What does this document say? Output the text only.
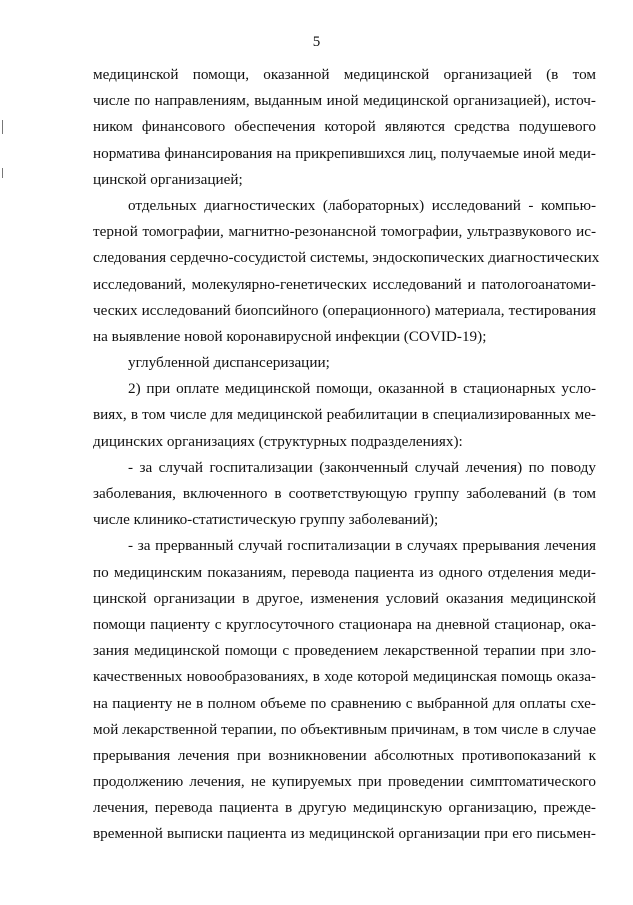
5
медицинской помощи, оказанной медицинской организацией (в том
числе по направлениям, выданным иной медицинской организацией), источ-
ником финансового обеспечения которой являются средства подушевого
норматива финансирования на прикрепившихся лиц, получаемые иной меди-
цинской организацией;
отдельных диагностических (лабораторных) исследований - компью-
терной томографии, магнитно-резонансной томографии, ультразвукового ис-
следования сердечно-сосудистой системы, эндоскопических диагностических
исследований, молекулярно-генетических исследований и патологоанатоми-
ческих исследований биопсийного (операционного) материала, тестирования
на выявление новой коронавирусной инфекции (COVID-19);
углубленной диспансеризации;
2) при оплате медицинской помощи, оказанной в стационарных усло-
виях, в том числе для медицинской реабилитации в специализированных ме-
дицинских организациях (структурных подразделениях):
- за случай госпитализации (законченный случай лечения) по поводу
заболевания, включенного в соответствующую группу заболеваний (в том
числе клинико-статистическую группу заболеваний);
- за прерванный случай госпитализации в случаях прерывания лечения
по медицинским показаниям, перевода пациента из одного отделения меди-
цинской организации в другое, изменения условий оказания медицинской
помощи пациенту с круглосуточного стационара на дневной стационар, ока-
зания медицинской помощи с проведением лекарственной терапии при зло-
качественных новообразованиях, в ходе которой медицинская помощь оказа-
на пациенту не в полном объеме по сравнению с выбранной для оплаты схе-
мой лекарственной терапии, по объективным причинам, в том числе в случае
прерывания лечения при возникновении абсолютных противопоказаний к
продолжению лечения, не купируемых при проведении симптоматического
лечения, перевода пациента в другую медицинскую организацию, прежде-
временной выписки пациента из медицинской организации при его письмен-
